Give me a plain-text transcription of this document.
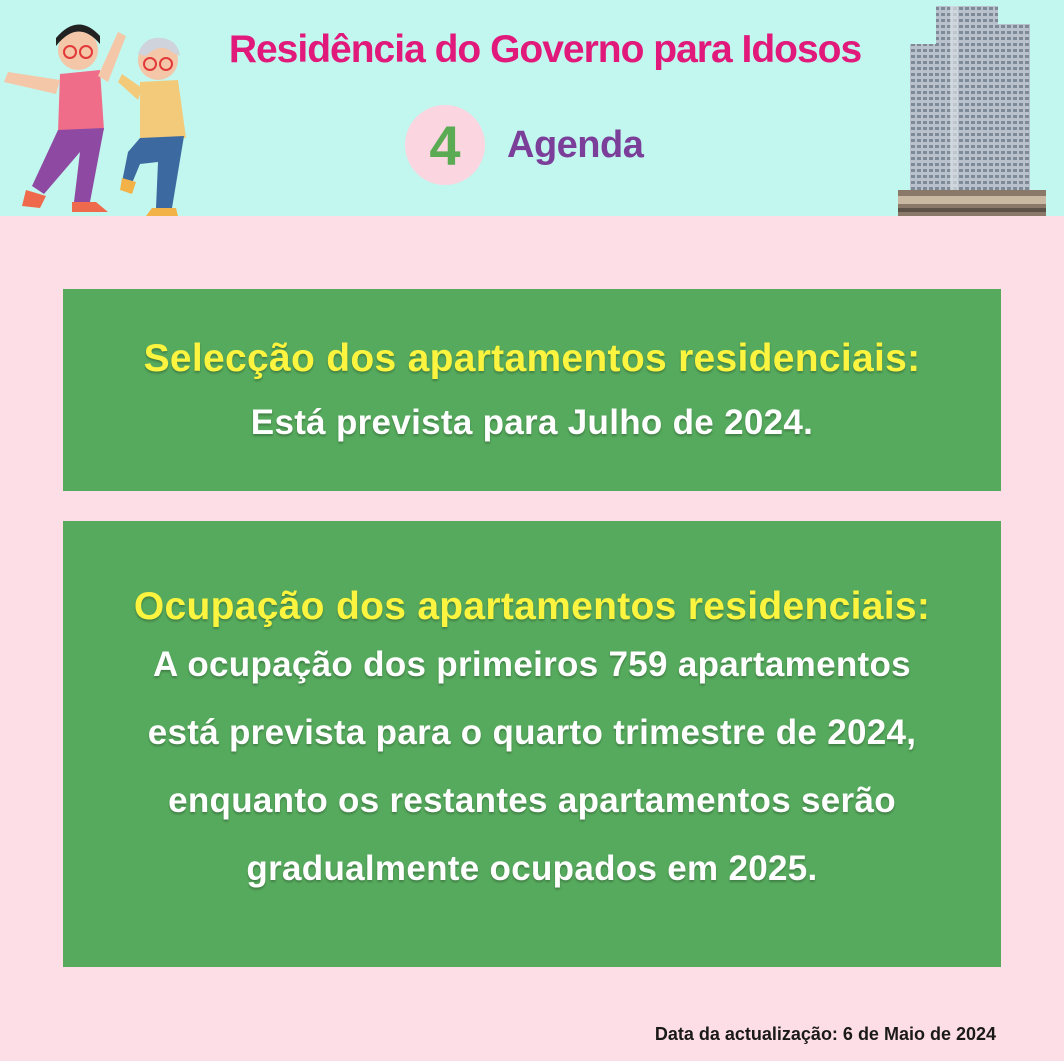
Residência do Governo para Idosos
4	Agenda
Selecção dos apartamentos residenciais:

Está prevista para Julho de 2024.

Ocupação dos apartamentos residenciais:

A ocupação dos primeiros 759 apartamentos

está prevista para o quarto trimestre de 2024,

enquanto os restantes apartamentos serão

gradualmente ocupados em 2025.

Data da actualização: 6 de Maio de 2024
